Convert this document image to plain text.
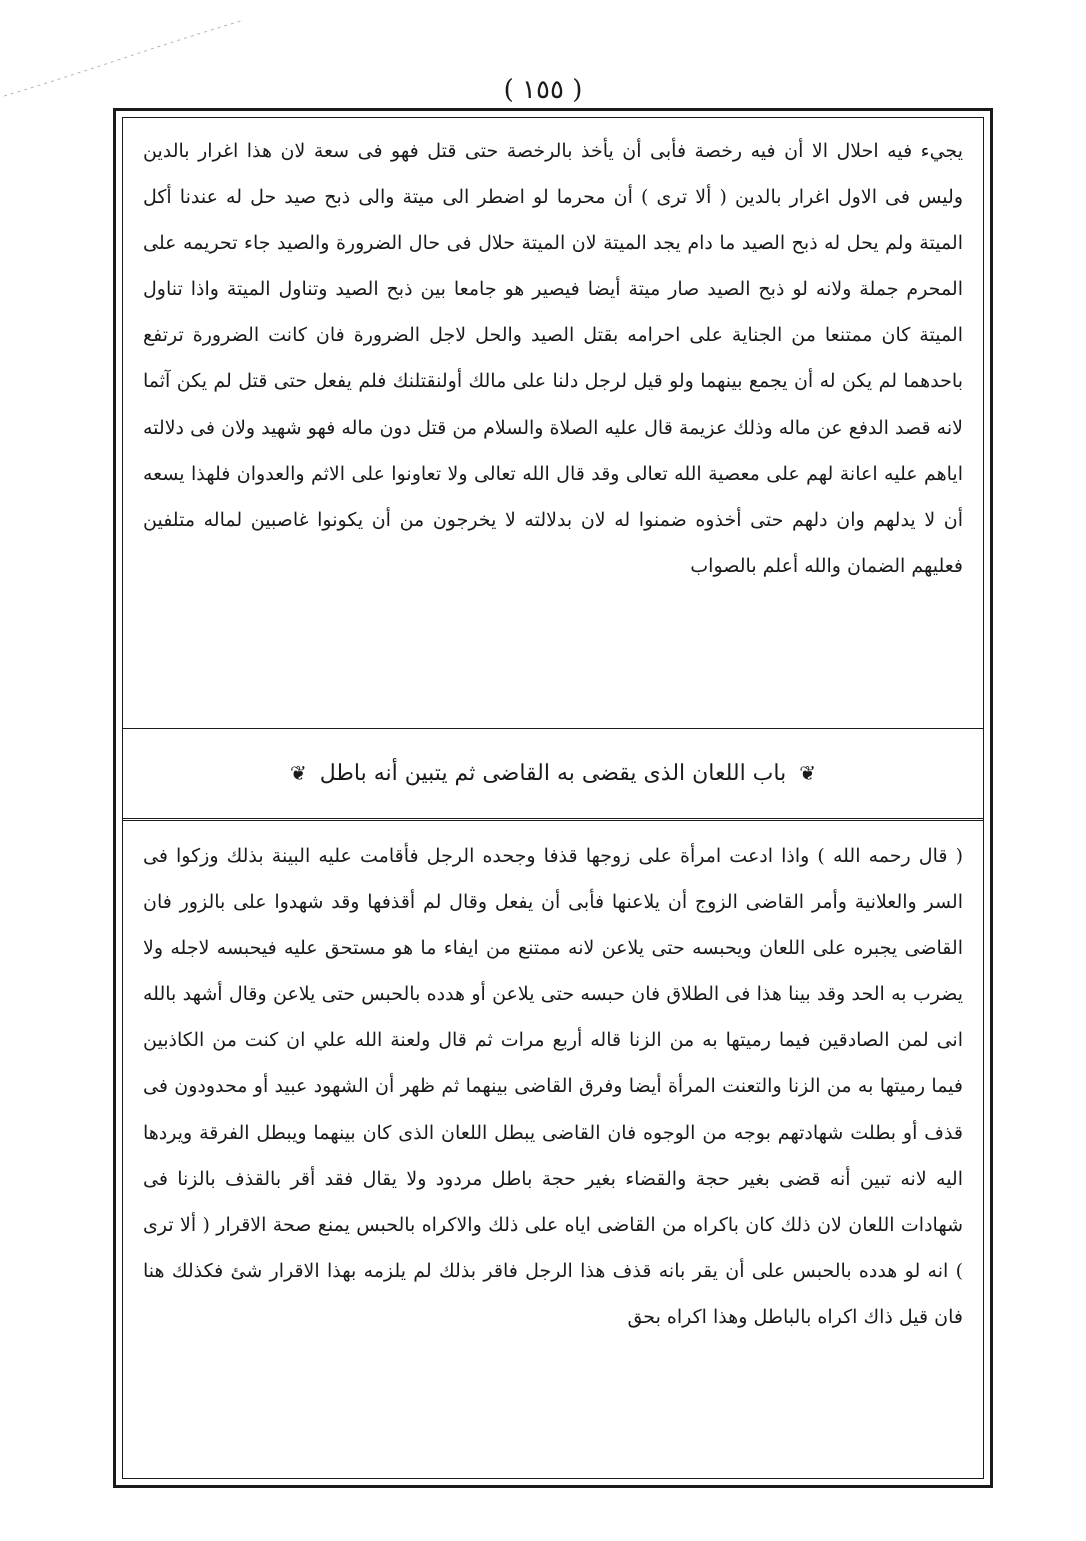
( ١٥٥ )

يجيء فيه احلال الا أن فيه رخصة فأبى أن يأخذ بالرخصة حتى قتل فهو فى سعة لان هذا اغرار بالدين وليس فى الاول اغرار بالدين ( ألا ترى ) أن محرما لو اضطر الى ميتة والى ذبح صيد حل له عندنا أكل الميتة ولم يحل له ذبح الصيد ما دام يجد الميتة لان الميتة حلال فى حال الضرورة والصيد جاء تحريمه على المحرم جملة ولانه لو ذبح الصيد صار ميتة أيضا فيصير هو جامعا بين ذبح الصيد وتناول الميتة واذا تناول الميتة كان ممتنعا من الجناية على احرامه بقتل الصيد والحل لاجل الضرورة فان كانت الضرورة ترتفع باحدهما لم يكن له أن يجمع بينهما ولو قيل لرجل دلنا على مالك أولنقتلنك فلم يفعل حتى قتل لم يكن آثما لانه قصد الدفع عن ماله وذلك عزيمة قال عليه الصلاة والسلام من قتل دون ماله فهو شهيد ولان فى دلالته اياهم عليه اعانة لهم على معصية الله تعالى وقد قال الله تعالى ولا تعاونوا على الاثم والعدوان فلهذا يسعه أن لا يدلهم وان دلهم حتى أخذوه ضمنوا له لان بدلالته لا يخرجون من أن يكونوا غاصبين لماله متلفين فعليهم الضمان والله أعلم بالصواب

❦ باب اللعان الذى يقضى به القاضى ثم يتبين أنه باطل ❦

( قال رحمه الله ) واذا ادعت امرأة على زوجها قذفا وجحده الرجل فأقامت عليه البينة بذلك وزكوا فى السر والعلانية وأمر القاضى الزوج أن يلاعنها فأبى أن يفعل وقال لم أقذفها وقد شهدوا على بالزور فان القاضى يجبره على اللعان ويحبسه حتى يلاعن لانه ممتنع من ايفاء ما هو مستحق عليه فيحبسه لاجله ولا يضرب به الحد وقد بينا هذا فى الطلاق فان حبسه حتى يلاعن أو هدده بالحبس حتى يلاعن وقال أشهد بالله انى لمن الصادقين فيما رميتها به من الزنا قاله أربع مرات ثم قال ولعنة الله علي ان كنت من الكاذبين فيما رميتها به من الزنا والتعنت المرأة أيضا وفرق القاضى بينهما ثم ظهر أن الشهود عبيد أو محدودون فى قذف أو بطلت شهادتهم بوجه من الوجوه فان القاضى يبطل اللعان الذى كان بينهما ويبطل الفرقة ويردها اليه لانه تبين أنه قضى بغير حجة والقضاء بغير حجة باطل مردود ولا يقال فقد أقر بالقذف بالزنا فى شهادات اللعان لان ذلك كان باكراه من القاضى اياه على ذلك والاكراه بالحبس يمنع صحة الاقرار ( ألا ترى ) انه لو هدده بالحبس على أن يقر بانه قذف هذا الرجل فاقر بذلك لم يلزمه بهذا الاقرار شئ فكذلك هنا فان قيل ذاك اكراه بالباطل وهذا اكراه بحق
